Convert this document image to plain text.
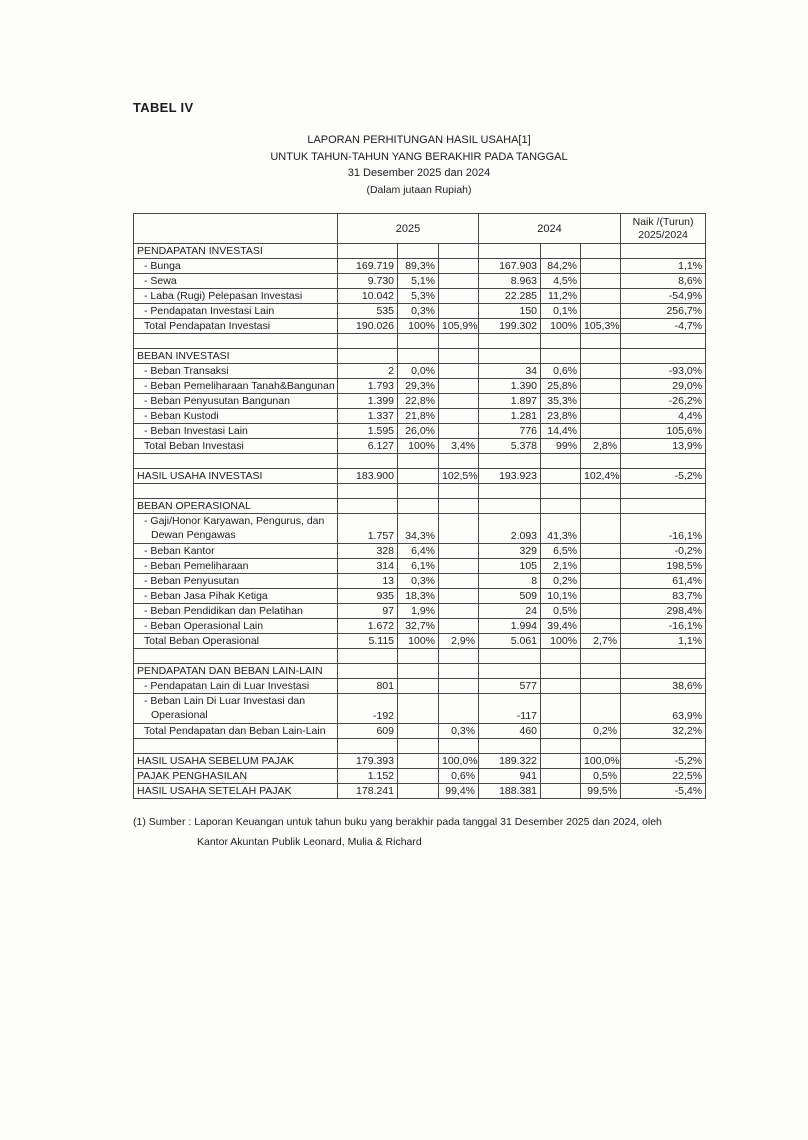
TABEL IV
LAPORAN PERHITUNGAN HASIL USAHA[1]
UNTUK TAHUN-TAHUN YANG BERAKHIR PADA TANGGAL
31 Desember 2025 dan 2024
(Dalam jutaan Rupiah)
	2025			2024			Naik /(Turun)
2025/2024

PENDAPATAN INVESTASI							
- Bunga	169.719	89,3%		167.903	84,2%		1,1%
- Sewa	9.730	5,1%		8.963	4,5%		8,6%
- Laba (Rugi) Pelepasan Investasi	10.042	5,3%		22.285	11,2%		-54,9%
- Pendapatan Investasi Lain	535	0,3%		150	0,1%		256,7%
Total Pendapatan Investasi	190.026	100%	105,9%	199.302	100%	105,3%	-4,7%

BEBAN INVESTASI							
- Beban Transaksi	2	0,0%		34	0,6%		-93,0%
- Beban Pemeliharaan Tanah&Bangunan	1.793	29,3%		1.390	25,8%		29,0%
- Beban Penyusutan Bangunan	1.399	22,8%		1.897	35,3%		-26,2%
- Beban Kustodi	1.337	21,8%		1.281	23,8%		4,4%
- Beban Investasi Lain	1.595	26,0%		776	14,4%		105,6%
Total Beban Investasi	6.127	100%	3,4%	5.378	99%	2,8%	13,9%

HASIL USAHA INVESTASI	183.900		102,5%	193.923		102,4%	-5,2%

BEBAN OPERASIONAL							

- Gaji/Honor Karyawan, Pengurus, dan
Dewan Pengawas	1.757	34,3%		2.093	41,3%		-16,1%
- Beban Kantor	328	6,4%		329	6,5%		-0,2%
- Beban Pemeliharaan	314	6,1%		105	2,1%		198,5%
- Beban Penyusutan	13	0,3%		8	0,2%		61,4%
- Beban Jasa Pihak Ketiga	935	18,3%		509	10,1%		83,7%
- Beban Pendidikan dan Pelatihan	97	1,9%		24	0,5%		298,4%
- Beban Operasional Lain	1.672	32,7%		1.994	39,4%		-16,1%
Total Beban Operasional	5.115	100%	2,9%	5.061	100%	2,7%	1,1%

PENDAPATAN DAN BEBAN LAIN-LAIN							
- Pendapatan Lain di Luar Investasi	801			577			38,6%

- Beban Lain Di Luar Investasi dan
Operasional	-192			-117			63,9%
Total Pendapatan dan Beban Lain-Lain	609		0,3%	460		0,2%	32,2%

HASIL USAHA SEBELUM PAJAK	179.393		100,0%	189.322		100,0%	-5,2%
PAJAK PENGHASILAN	1.152		0,6%	941		0,5%	22,5%
HASIL USAHA SETELAH PAJAK	178.241		99,4%	188.381		99,5%	-5,4%
(1) Sumber : Laporan Keuangan untuk tahun buku yang berakhir pada tanggal 31 Desember 2025 dan 2024, oleh
Kantor Akuntan Publik Leonard, Mulia & Richard
